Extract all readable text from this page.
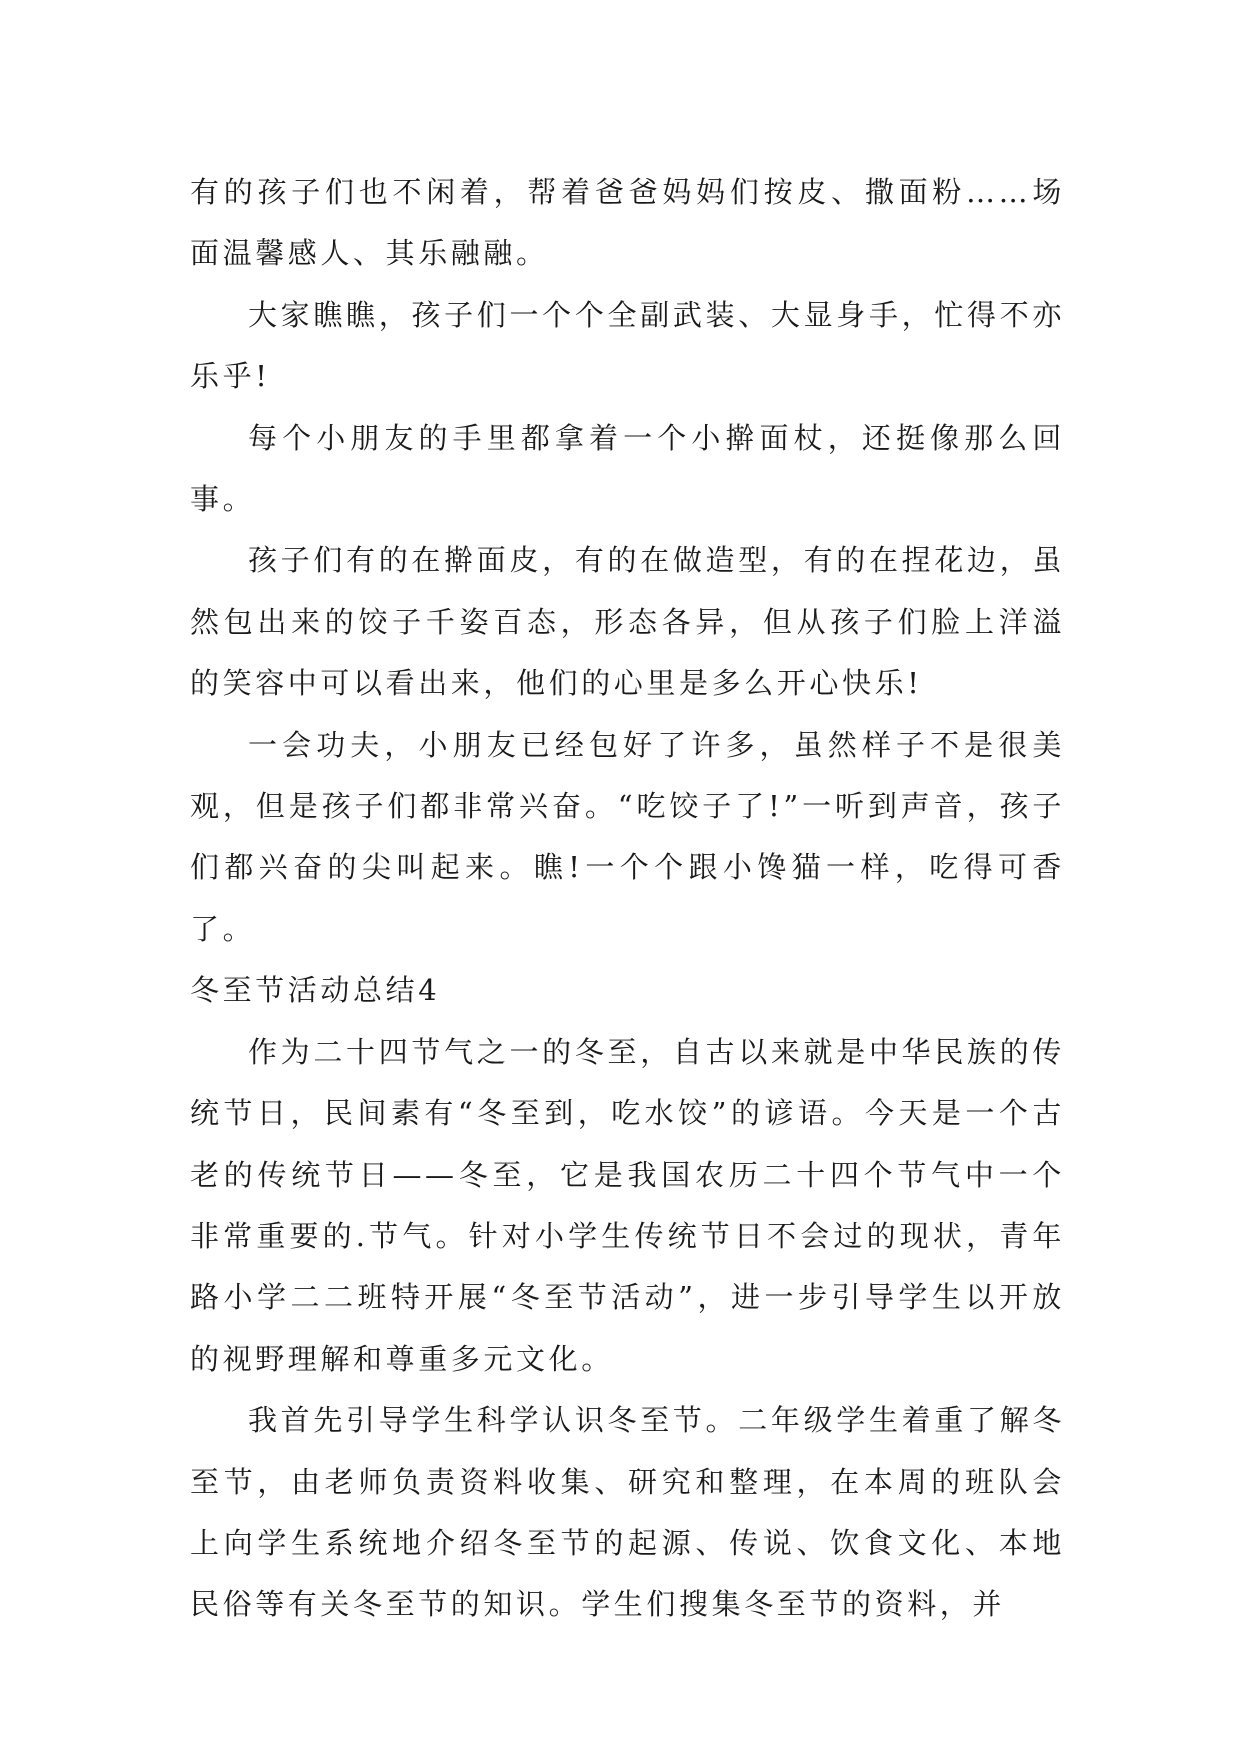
有的孩子们也不闲着，帮着爸爸妈妈们按皮、撒面粉……场面温馨感人、其乐融融。

大家瞧瞧，孩子们一个个全副武装、大显身手，忙得不亦乐乎!

每个小朋友的手里都拿着一个小擀面杖，还挺像那么回事。

孩子们有的在擀面皮，有的在做造型，有的在捏花边，虽然包出来的饺子千姿百态，形态各异，但从孩子们脸上洋溢的笑容中可以看出来，他们的心里是多么开心快乐!

一会功夫，小朋友已经包好了许多，虽然样子不是很美观，但是孩子们都非常兴奋。“吃饺子了!”一听到声音，孩子们都兴奋的尖叫起来。瞧!一个个跟小馋猫一样，吃得可香了。

冬至节活动总结4

作为二十四节气之一的冬至，自古以来就是中华民族的传统节日，民间素有“冬至到，吃水饺”的谚语。今天是一个古老的传统节日——冬至，它是我国农历二十四个节气中一个非常重要的.节气。针对小学生传统节日不会过的现状，青年路小学二二班特开展“冬至节活动”，进一步引导学生以开放的视野理解和尊重多元文化。

我首先引导学生科学认识冬至节。二年级学生着重了解冬至节，由老师负责资料收集、研究和整理，在本周的班队会上向学生系统地介绍冬至节的起源、传说、饮食文化、本地民俗等有关冬至节的知识。学生们搜集冬至节的资料，并
